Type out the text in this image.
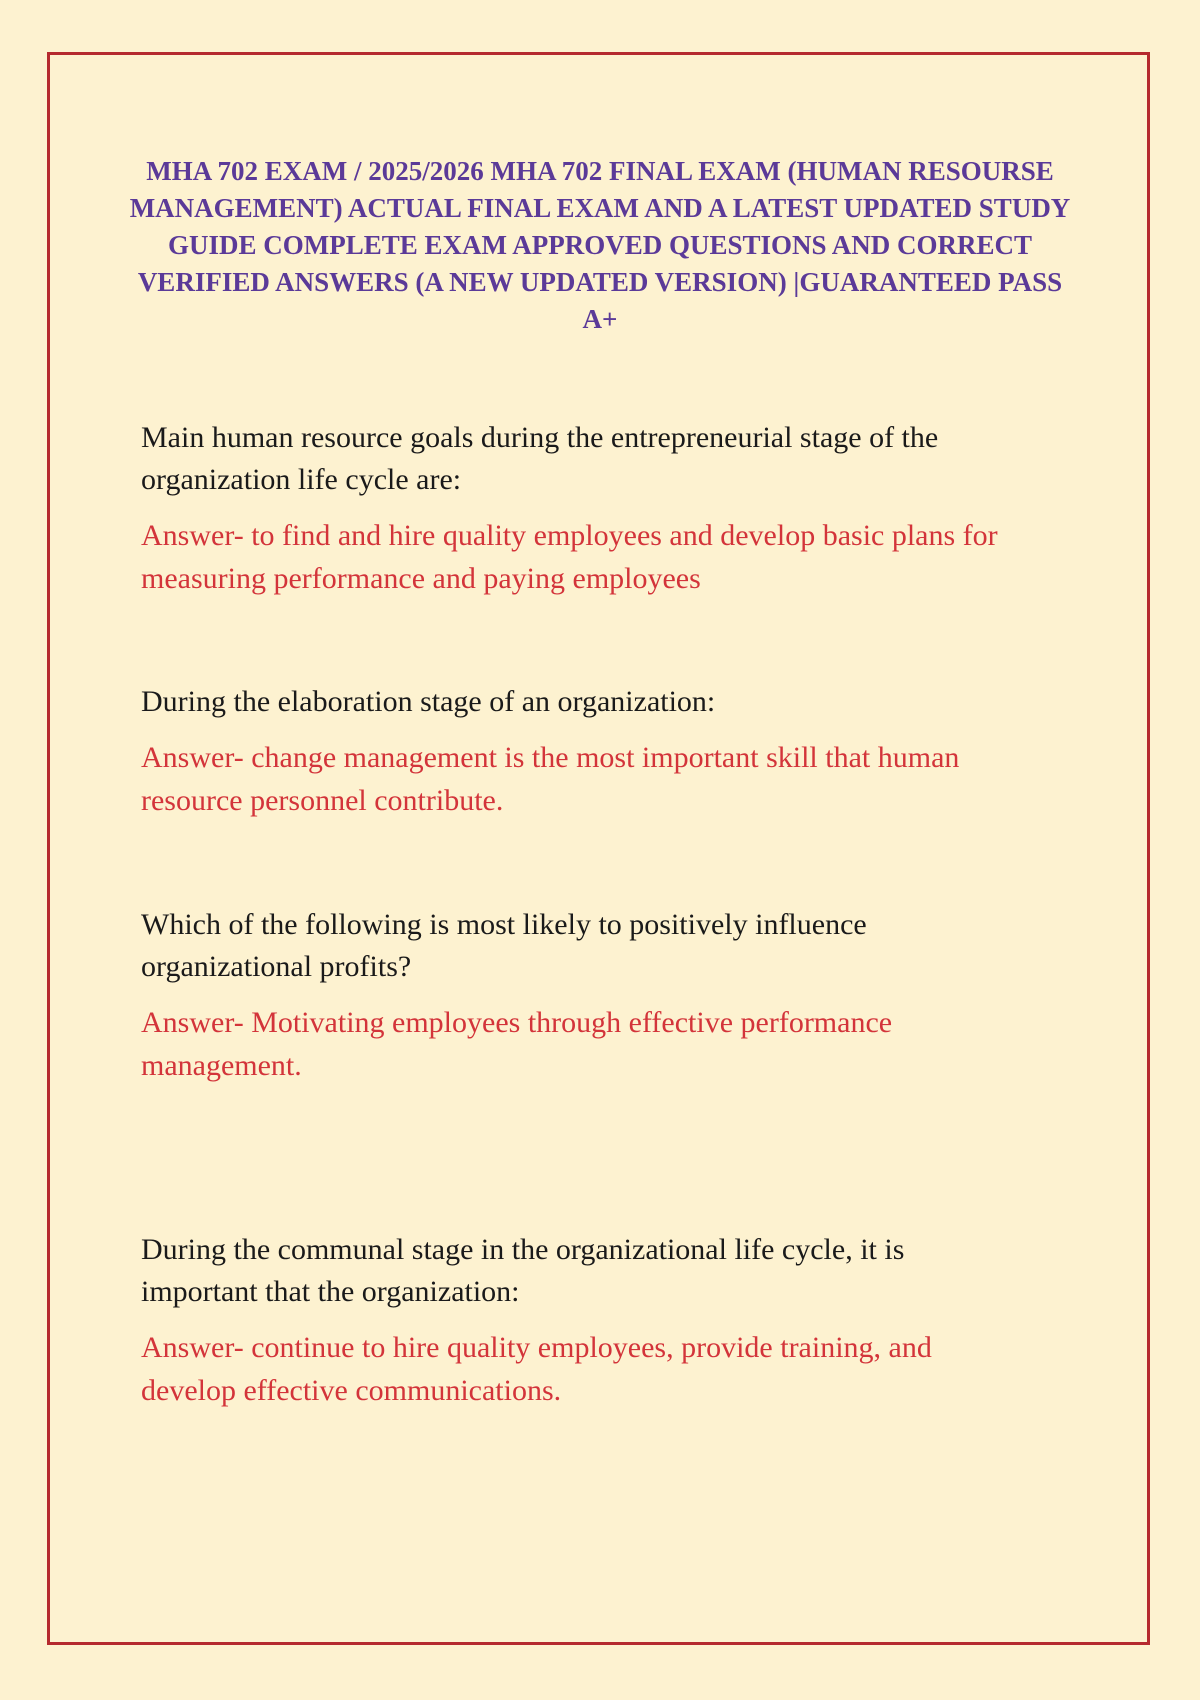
MHA 702 EXAM / 2025/2026 MHA 702 FINAL EXAM (HUMAN RESOURSE MANAGEMENT) ACTUAL FINAL EXAM AND A LATEST UPDATED STUDY GUIDE COMPLETE EXAM APPROVED QUESTIONS AND CORRECT VERIFIED ANSWERS (A NEW UPDATED VERSION) |GUARANTEED PASS A+

Main human resource goals during the entrepreneurial stage of the organization life cycle are:

Answer- to find and hire quality employees and develop basic plans for measuring performance and paying employees

During the elaboration stage of an organization:

Answer- change management is the most important skill that human resource personnel contribute.

Which of the following is most likely to positively influence organizational profits?

Answer- Motivating employees through effective performance management.

During the communal stage in the organizational life cycle, it is important that the organization:

Answer- continue to hire quality employees, provide training, and develop effective communications.
